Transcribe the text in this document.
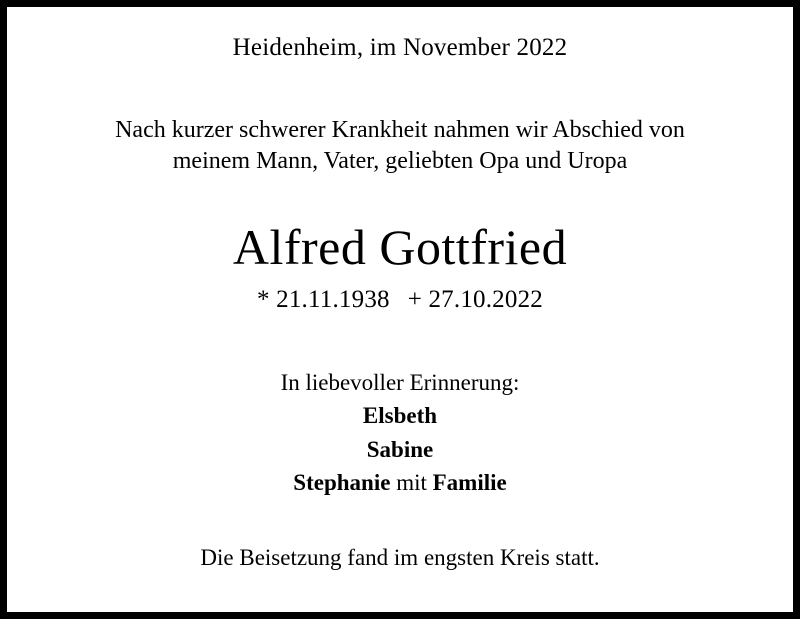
Heidenheim, im November 2022
Nach kurzer schwerer Krankheit nahmen wir Abschied von
meinem Mann, Vater, geliebten Opa und Uropa
Alfred Gottfried
* 21.11.1938 + 27.10.2022
In liebevoller Erinnerung:
Elsbeth
Sabine
Stephanie mit Familie
Die Beisetzung fand im engsten Kreis statt.
